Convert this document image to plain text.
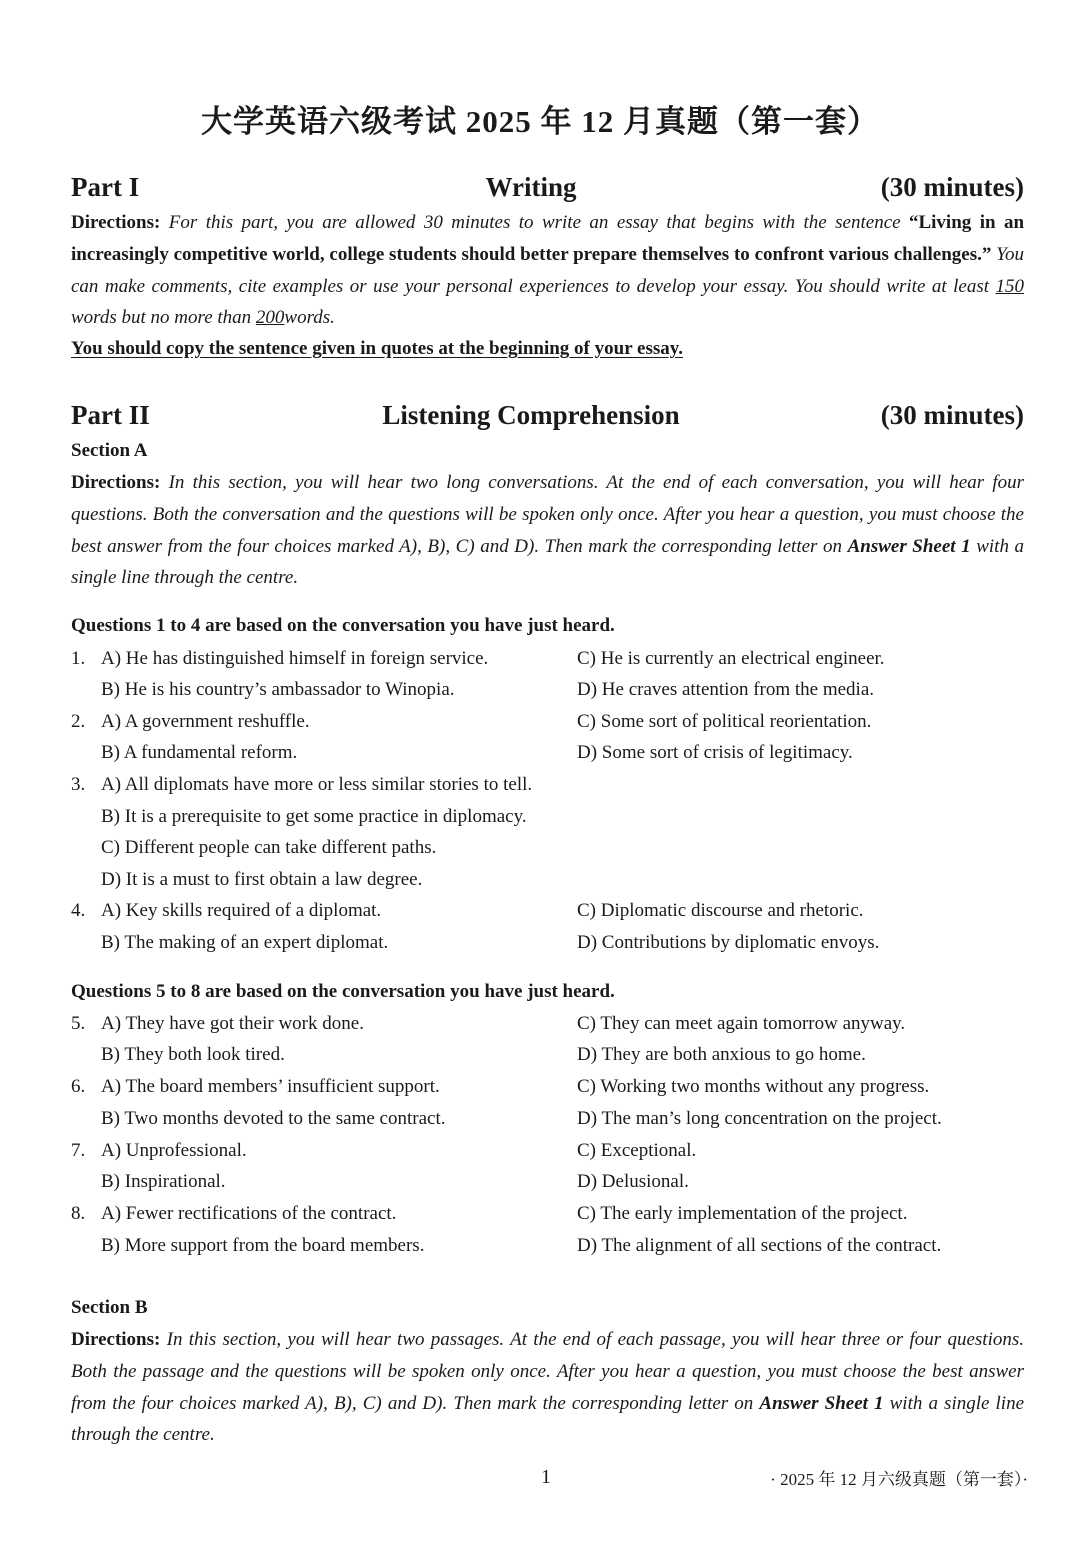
大学英语六级考试 2025 年 12 月真题（第一套）
Part I	Writing	(30 minutes)
Directions: For this part, you are allowed 30 minutes to write an essay that begins with the sentence “Living in an increasingly competitive world, college students should better prepare themselves to confront various challenges.” You can make comments, cite examples or use your personal experiences to develop your essay. You should write at least 150 words but no more than 200words.
You should copy the sentence given in quotes at the beginning of your essay.
Part II	Listening Comprehension	(30 minutes)
Section A
Directions: In this section, you will hear two long conversations. At the end of each conversation, you will hear four questions. Both the conversation and the questions will be spoken only once. After you hear a question, you must choose the best answer from the four choices marked A), B), C) and D). Then mark the corresponding letter on Answer Sheet 1 with a single line through the centre.
Questions 1 to 4 are based on the conversation you have just heard.
1. A) He has distinguished himself in foreign service.	C) He is currently an electrical engineer.
B) He is his country’s ambassador to Winopia.	D) He craves attention from the media.
2. A) A government reshuffle.	C) Some sort of political reorientation.
B) A fundamental reform.	D) Some sort of crisis of legitimacy.
3. A) All diplomats have more or less similar stories to tell.
B) It is a prerequisite to get some practice in diplomacy.
C) Different people can take different paths.
D) It is a must to first obtain a law degree.
4. A) Key skills required of a diplomat.	C) Diplomatic discourse and rhetoric.
B) The making of an expert diplomat.	D) Contributions by diplomatic envoys.
Questions 5 to 8 are based on the conversation you have just heard.
5. A) They have got their work done.	C) They can meet again tomorrow anyway.
B) They both look tired.	D) They are both anxious to go home.
6. A) The board members’ insufficient support.	C) Working two months without any progress.
B) Two months devoted to the same contract.	D) The man’s long concentration on the project.
7. A) Unprofessional.	C) Exceptional.
B) Inspirational.	D) Delusional.
8. A) Fewer rectifications of the contract.	C) The early implementation of the project.
B) More support from the board members.	D) The alignment of all sections of the contract.
Section B
Directions: In this section, you will hear two passages. At the end of each passage, you will hear three or four questions. Both the passage and the questions will be spoken only once. After you hear a question, you must choose the best answer from the four choices marked A), B), C) and D). Then mark the corresponding letter on Answer Sheet 1 with a single line through the centre.
1	· 2025 年 12 月六级真题（第一套）·
